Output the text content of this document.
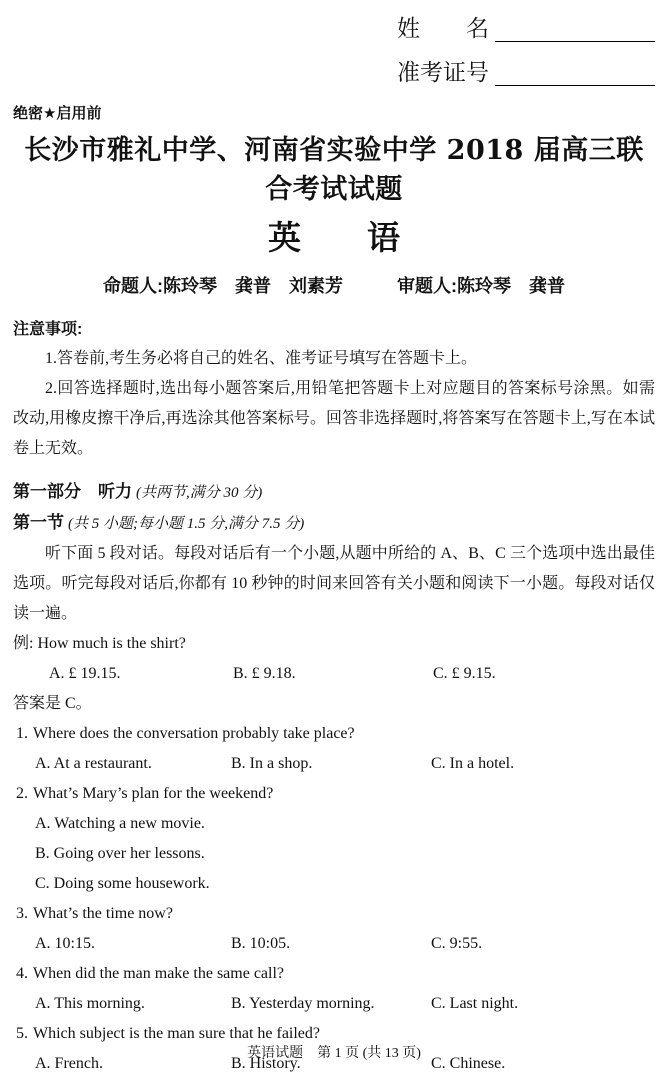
姓　　名
准考证号
绝密★启用前
长沙市雅礼中学、河南省实验中学 2018 届高三联合考试试题
英　　语
命题人:陈玲琴　龚普　刘素芳　　　审题人:陈玲琴　龚普
注意事项:

1.答卷前,考生务必将自己的姓名、准考证号填写在答题卡上。

2.回答选择题时,选出每小题答案后,用铅笔把答题卡上对应题目的答案标号涂黑。如需改动,用橡皮擦干净后,再选涂其他答案标号。回答非选择题时,将答案写在答题卡上,写在本试卷上无效。

第一部分　听力 (共两节,满分 30 分)
第一节 (共 5 小题;每小题 1.5 分,满分 7.5 分)

听下面 5 段对话。每段对话后有一个小题,从题中所给的 A、B、C 三个选项中选出最佳选项。听完每段对话后,你都有 10 秒钟的时间来回答有关小题和阅读下一小题。每段对话仅读一遍。

例: How much is the shirt?
A. £ 19.15.	B. £ 9.18.	C. £ 9.15.
答案是 C。
1. Where does the conversation probably take place?
A. At a restaurant.	B. In a shop.	C. In a hotel.
2. What’s Mary’s plan for the weekend?
A. Watching a new movie.
B. Going over her lessons.
C. Doing some housework.
3. What’s the time now?
A. 10:15.	B. 10:05.	C. 9:55.
4. When did the man make the same call?
A. This morning.	B. Yesterday morning.	C. Last night.
5. Which subject is the man sure that he failed?
A. French.	B. History.	C. Chinese.
英语试题　第 1 页 (共 13 页)
